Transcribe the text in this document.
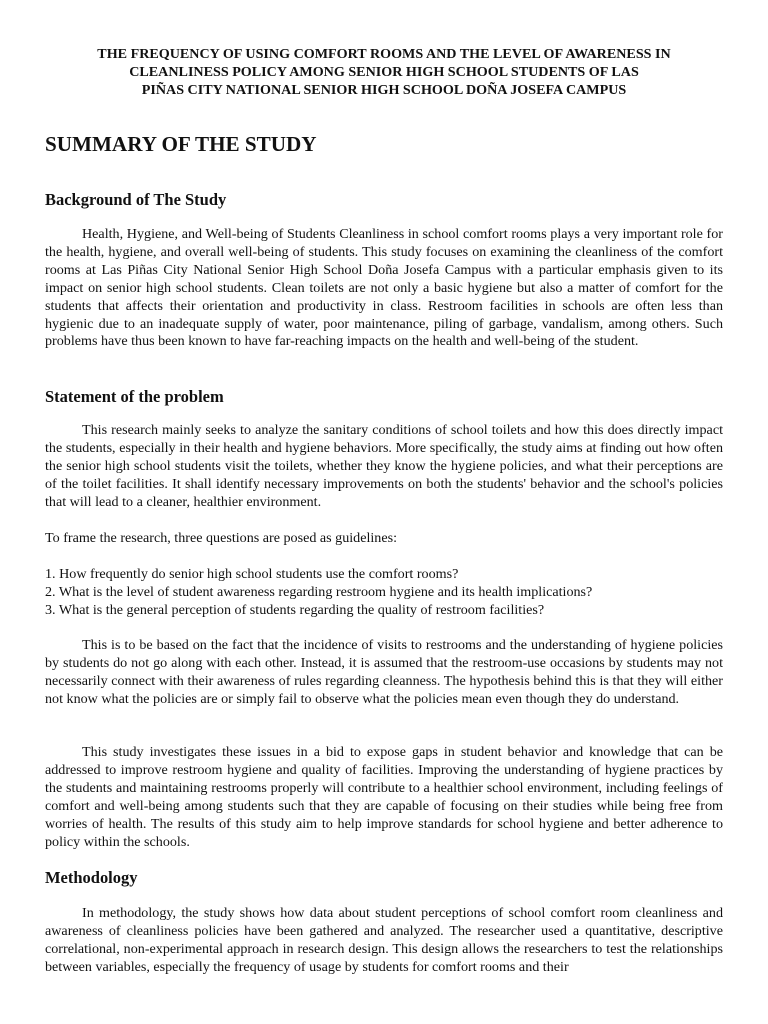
THE FREQUENCY OF USING COMFORT ROOMS AND THE LEVEL OF AWARENESS IN
CLEANLINESS POLICY AMONG SENIOR HIGH SCHOOL STUDENTS OF LAS
PIÑAS CITY NATIONAL SENIOR HIGH SCHOOL DOÑA JOSEFA CAMPUS
SUMMARY OF THE STUDY
Background of The Study

Health, Hygiene, and Well-being of Students Cleanliness in school comfort rooms plays a very important role for the health, hygiene, and overall well-being of students. This study focuses on examining the cleanliness of the comfort rooms at Las Piñas City National Senior High School Doña Josefa Campus with a particular emphasis given to its impact on senior high school students. Clean toilets are not only a basic hygiene but also a matter of comfort for the students that affects their orientation and productivity in class. Restroom facilities in schools are often less than hygienic due to an inadequate supply of water, poor maintenance, piling of garbage, vandalism, among others. Such problems have thus been known to have far-reaching impacts on the health and well-being of the student.

Statement of the problem

This research mainly seeks to analyze the sanitary conditions of school toilets and how this does directly impact the students, especially in their health and hygiene behaviors. More specifically, the study aims at finding out how often the senior high school students visit the toilets, whether they know the hygiene policies, and what their perceptions are of the toilet facilities. It shall identify necessary improvements on both the students' behavior and the school's policies that will lead to a cleaner, healthier environment.

To frame the research, three questions are posed as guidelines:

1. How frequently do senior high school students use the comfort rooms?
2. What is the level of student awareness regarding restroom hygiene and its health implications?
3. What is the general perception of students regarding the quality of restroom facilities?

This is to be based on the fact that the incidence of visits to restrooms and the understanding of hygiene policies by students do not go along with each other. Instead, it is assumed that the restroom-use occasions by students may not necessarily connect with their awareness of rules regarding cleanness. The hypothesis behind this is that they will either not know what the policies are or simply fail to observe what the policies mean even though they do understand.

This study investigates these issues in a bid to expose gaps in student behavior and knowledge that can be addressed to improve restroom hygiene and quality of facilities. Improving the understanding of hygiene practices by the students and maintaining restrooms properly will contribute to a healthier school environment, including feelings of comfort and well-being among students such that they are capable of focusing on their studies while being free from worries of health. The results of this study aim to help improve standards for school hygiene and better adherence to policy within the schools.

Methodology

In methodology, the study shows how data about student perceptions of school comfort room cleanliness and awareness of cleanliness policies have been gathered and analyzed. The researcher used a quantitative, descriptive correlational, non-experimental approach in research design. This design allows the researchers to test the relationships between variables, especially the frequency of usage by students for comfort rooms and their
